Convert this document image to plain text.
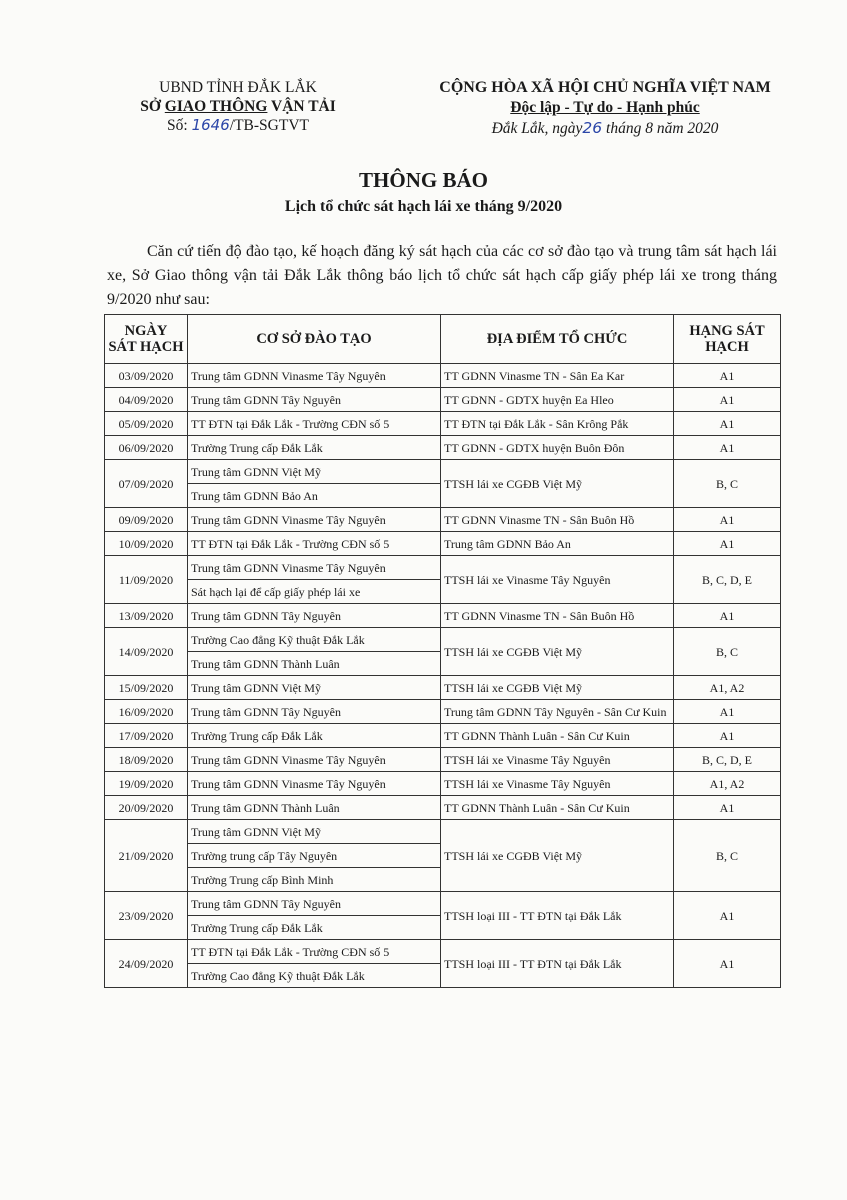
UBND TỈNH ĐẮK LẮK
SỞ GIAO THÔNG VẬN TẢI
Số: 1646/TB-SGTVT
CỘNG HÒA XÃ HỘI CHỦ NGHĨA VIỆT NAM
Độc lập - Tự do - Hạnh phúc
Đắk Lắk, ngày26 tháng 8 năm 2020
THÔNG BÁO
Lịch tổ chức sát hạch lái xe tháng 9/2020

Căn cứ tiến độ đào tạo, kế hoạch đăng ký sát hạch của các cơ sở đào tạo và trung tâm sát hạch lái xe, Sở Giao thông vận tải Đắk Lắk thông báo lịch tổ chức sát hạch cấp giấy phép lái xe trong tháng 9/2020 như sau:

NGÀY
SÁT HẠCH	CƠ SỞ ĐÀO TẠO	ĐỊA ĐIỂM TỔ CHỨC	HẠNG SÁT
HẠCH
03/09/2020	Trung tâm GDNN Vinasme Tây Nguyên	TT GDNN Vinasme TN - Sân Ea Kar	A1
04/09/2020	Trung tâm GDNN Tây Nguyên	TT GDNN - GDTX huyện Ea Hleo	A1
05/09/2020	TT ĐTN tại Đắk Lắk - Trường CĐN số 5	TT ĐTN tại Đắk Lắk - Sân Krông Pắk	A1
06/09/2020	Trường Trung cấp Đắk Lắk	TT GDNN - GDTX huyện Buôn Đôn	A1
07/09/2020	Trung tâm GDNN Việt Mỹ	TTSH lái xe CGĐB Việt Mỹ	B, C
	Trung tâm GDNN Bảo An		
09/09/2020	Trung tâm GDNN Vinasme Tây Nguyên	TT GDNN Vinasme TN - Sân Buôn Hồ	A1
10/09/2020	TT ĐTN tại Đắk Lắk - Trường CĐN số 5	Trung tâm GDNN Bảo An	A1
11/09/2020	Trung tâm GDNN Vinasme Tây Nguyên	TTSH lái xe Vinasme Tây Nguyên	B, C, D, E
	Sát hạch lại để cấp giấy phép lái xe		
13/09/2020	Trung tâm GDNN Tây Nguyên	TT GDNN Vinasme TN - Sân Buôn Hồ	A1
14/09/2020	Trường Cao đẳng Kỹ thuật Đắk Lắk	TTSH lái xe CGĐB Việt Mỹ	B, C
	Trung tâm GDNN Thành Luân		
15/09/2020	Trung tâm GDNN Việt Mỹ	TTSH lái xe CGĐB Việt Mỹ	A1, A2
16/09/2020	Trung tâm GDNN Tây Nguyên	Trung tâm GDNN Tây Nguyên - Sân Cư Kuin	A1
17/09/2020	Trường Trung cấp Đắk Lắk	TT GDNN Thành Luân - Sân Cư Kuin	A1
18/09/2020	Trung tâm GDNN Vinasme Tây Nguyên	TTSH lái xe Vinasme Tây Nguyên	B, C, D, E
19/09/2020	Trung tâm GDNN Vinasme Tây Nguyên	TTSH lái xe Vinasme Tây Nguyên	A1, A2
20/09/2020	Trung tâm GDNN Thành Luân	TT GDNN Thành Luân - Sân Cư Kuin	A1
21/09/2020	Trung tâm GDNN Việt Mỹ	TTSH lái xe CGĐB Việt Mỹ	B, C
	Trường trung cấp Tây Nguyên		
	Trường Trung cấp Bình Minh		
23/09/2020	Trung tâm GDNN Tây Nguyên	TTSH loại III - TT ĐTN tại Đắk Lắk	A1
	Trường Trung cấp Đắk Lắk		
24/09/2020	TT ĐTN tại Đắk Lắk - Trường CĐN số 5	TTSH loại III - TT ĐTN tại Đắk Lắk	A1
	Trường Cao đẳng Kỹ thuật Đắk Lắk		
